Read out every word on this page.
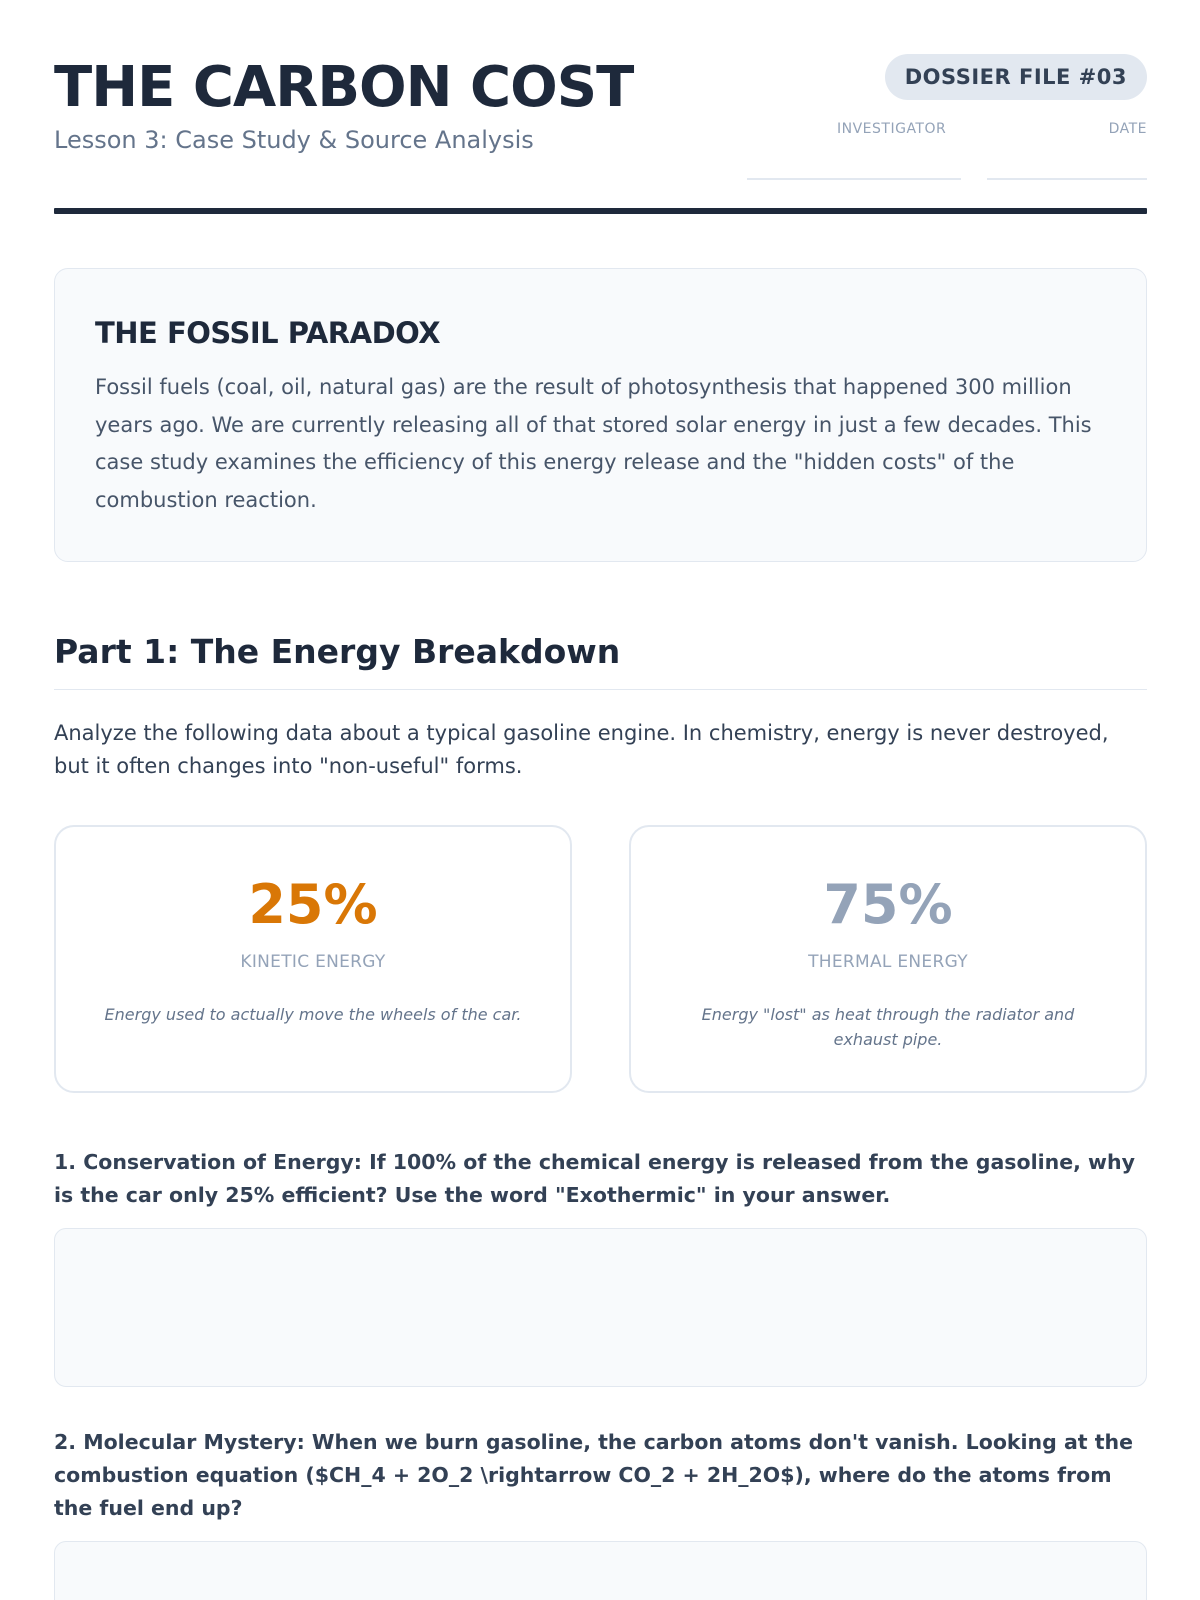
THE CARBON COST
Lesson 3: Case Study & Source Analysis
DOSSIER FILE #03
INVESTIGATOR	DATE
THE FOSSIL PARADOX

Fossil fuels (coal, oil, natural gas) are the result of photosynthesis that happened 300 million years ago. We are currently releasing all of that stored solar energy in just a few decades. This case study examines the efficiency of this energy release and the "hidden costs" of the combustion reaction.

Part 1: The Energy Breakdown

Analyze the following data about a typical gasoline engine. In chemistry, energy is never destroyed, but it often changes into "non-useful" forms.

25%
KINETIC ENERGY
Energy used to actually move the wheels of the car.
75%
THERMAL ENERGY
Energy "lost" as heat through the radiator and exhaust pipe.

1. Conservation of Energy: If 100% of the chemical energy is released from the gasoline, why is the car only 25% efficient? Use the word "Exothermic" in your answer.

2. Molecular Mystery: When we burn gasoline, the carbon atoms don't vanish. Looking at the combustion equation ($CH_4 + 2O_2 \rightarrow CO_2 + 2H_2O$), where do the atoms from the fuel end up?
